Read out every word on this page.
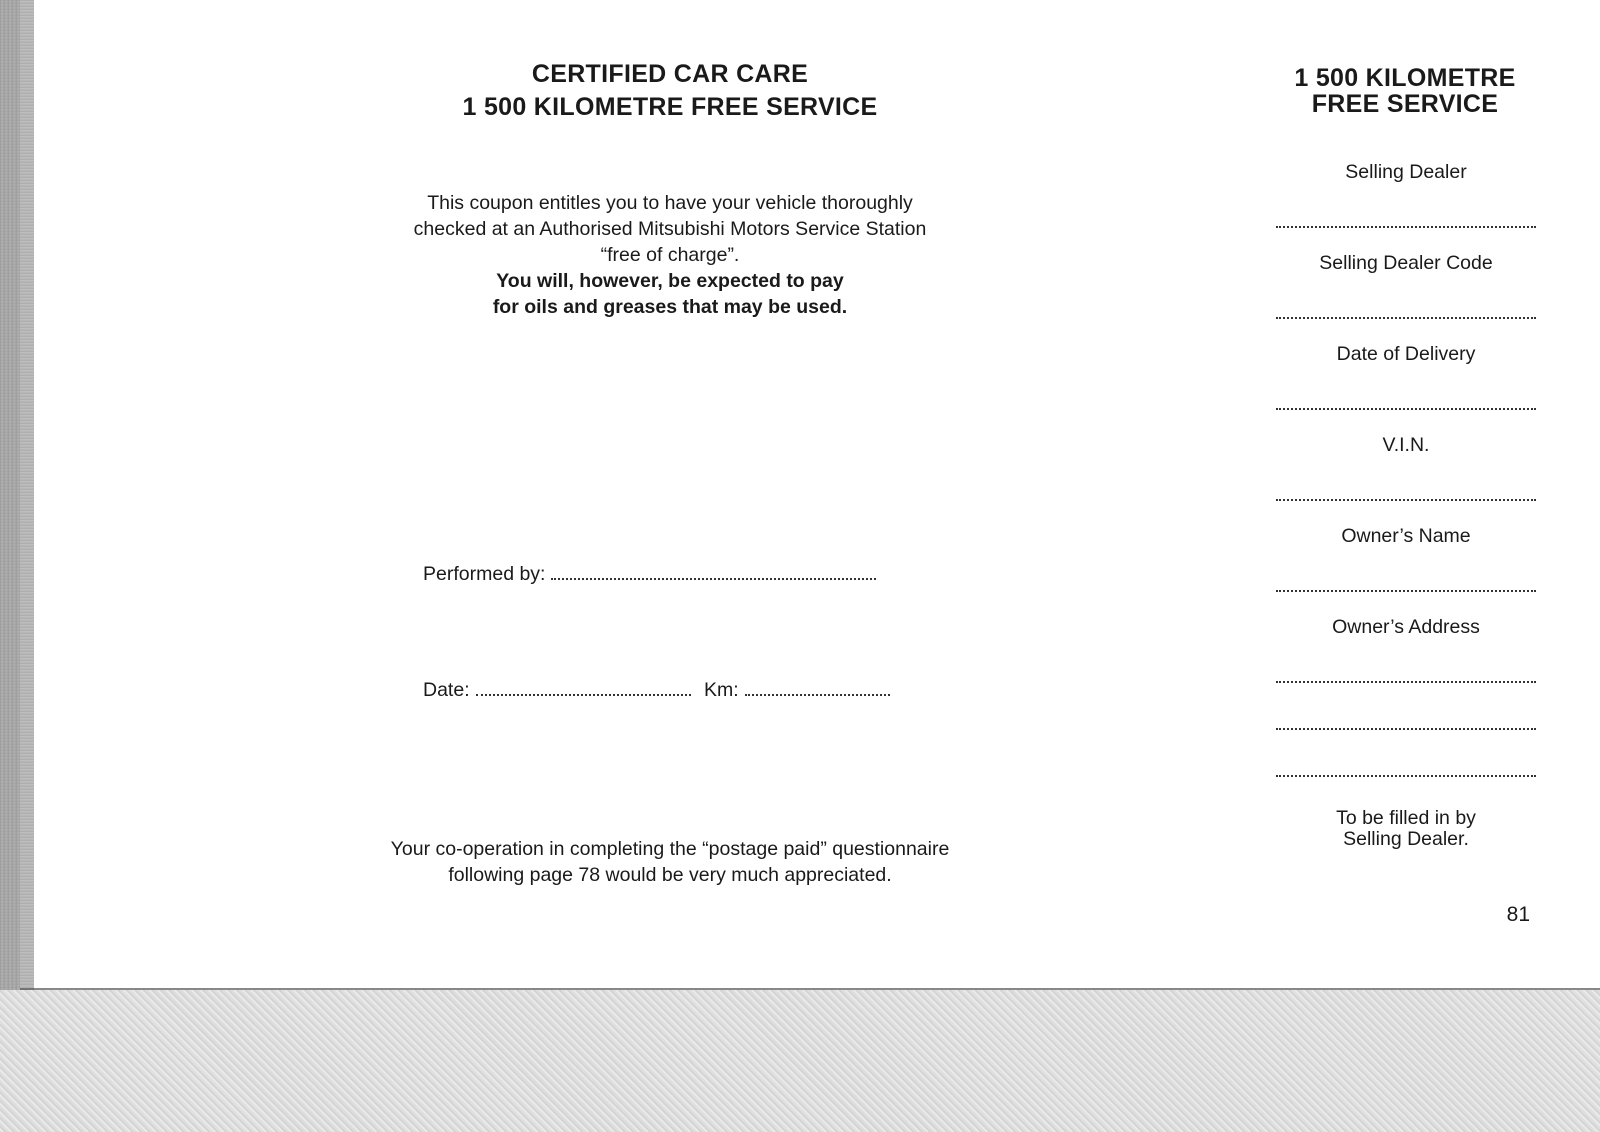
CERTIFIED CAR CARE

1 500 KILOMETRE FREE SERVICE

This coupon entitles you to have your vehicle thoroughly
checked at an Authorised Mitsubishi Motors Service Station
“free of charge”.
You will, however, be expected to pay
for oils and greases that may be used.
Performed by:
Date:	Km:
Your co-operation in completing the “postage paid” questionnaire
following page 78 would be very much appreciated.

1 500 KILOMETRE

FREE SERVICE

Selling Dealer
Selling Dealer Code
Date of Delivery
V.I.N.
Owner’s Name
Owner’s Address
To be filled in by
Selling Dealer.
81
